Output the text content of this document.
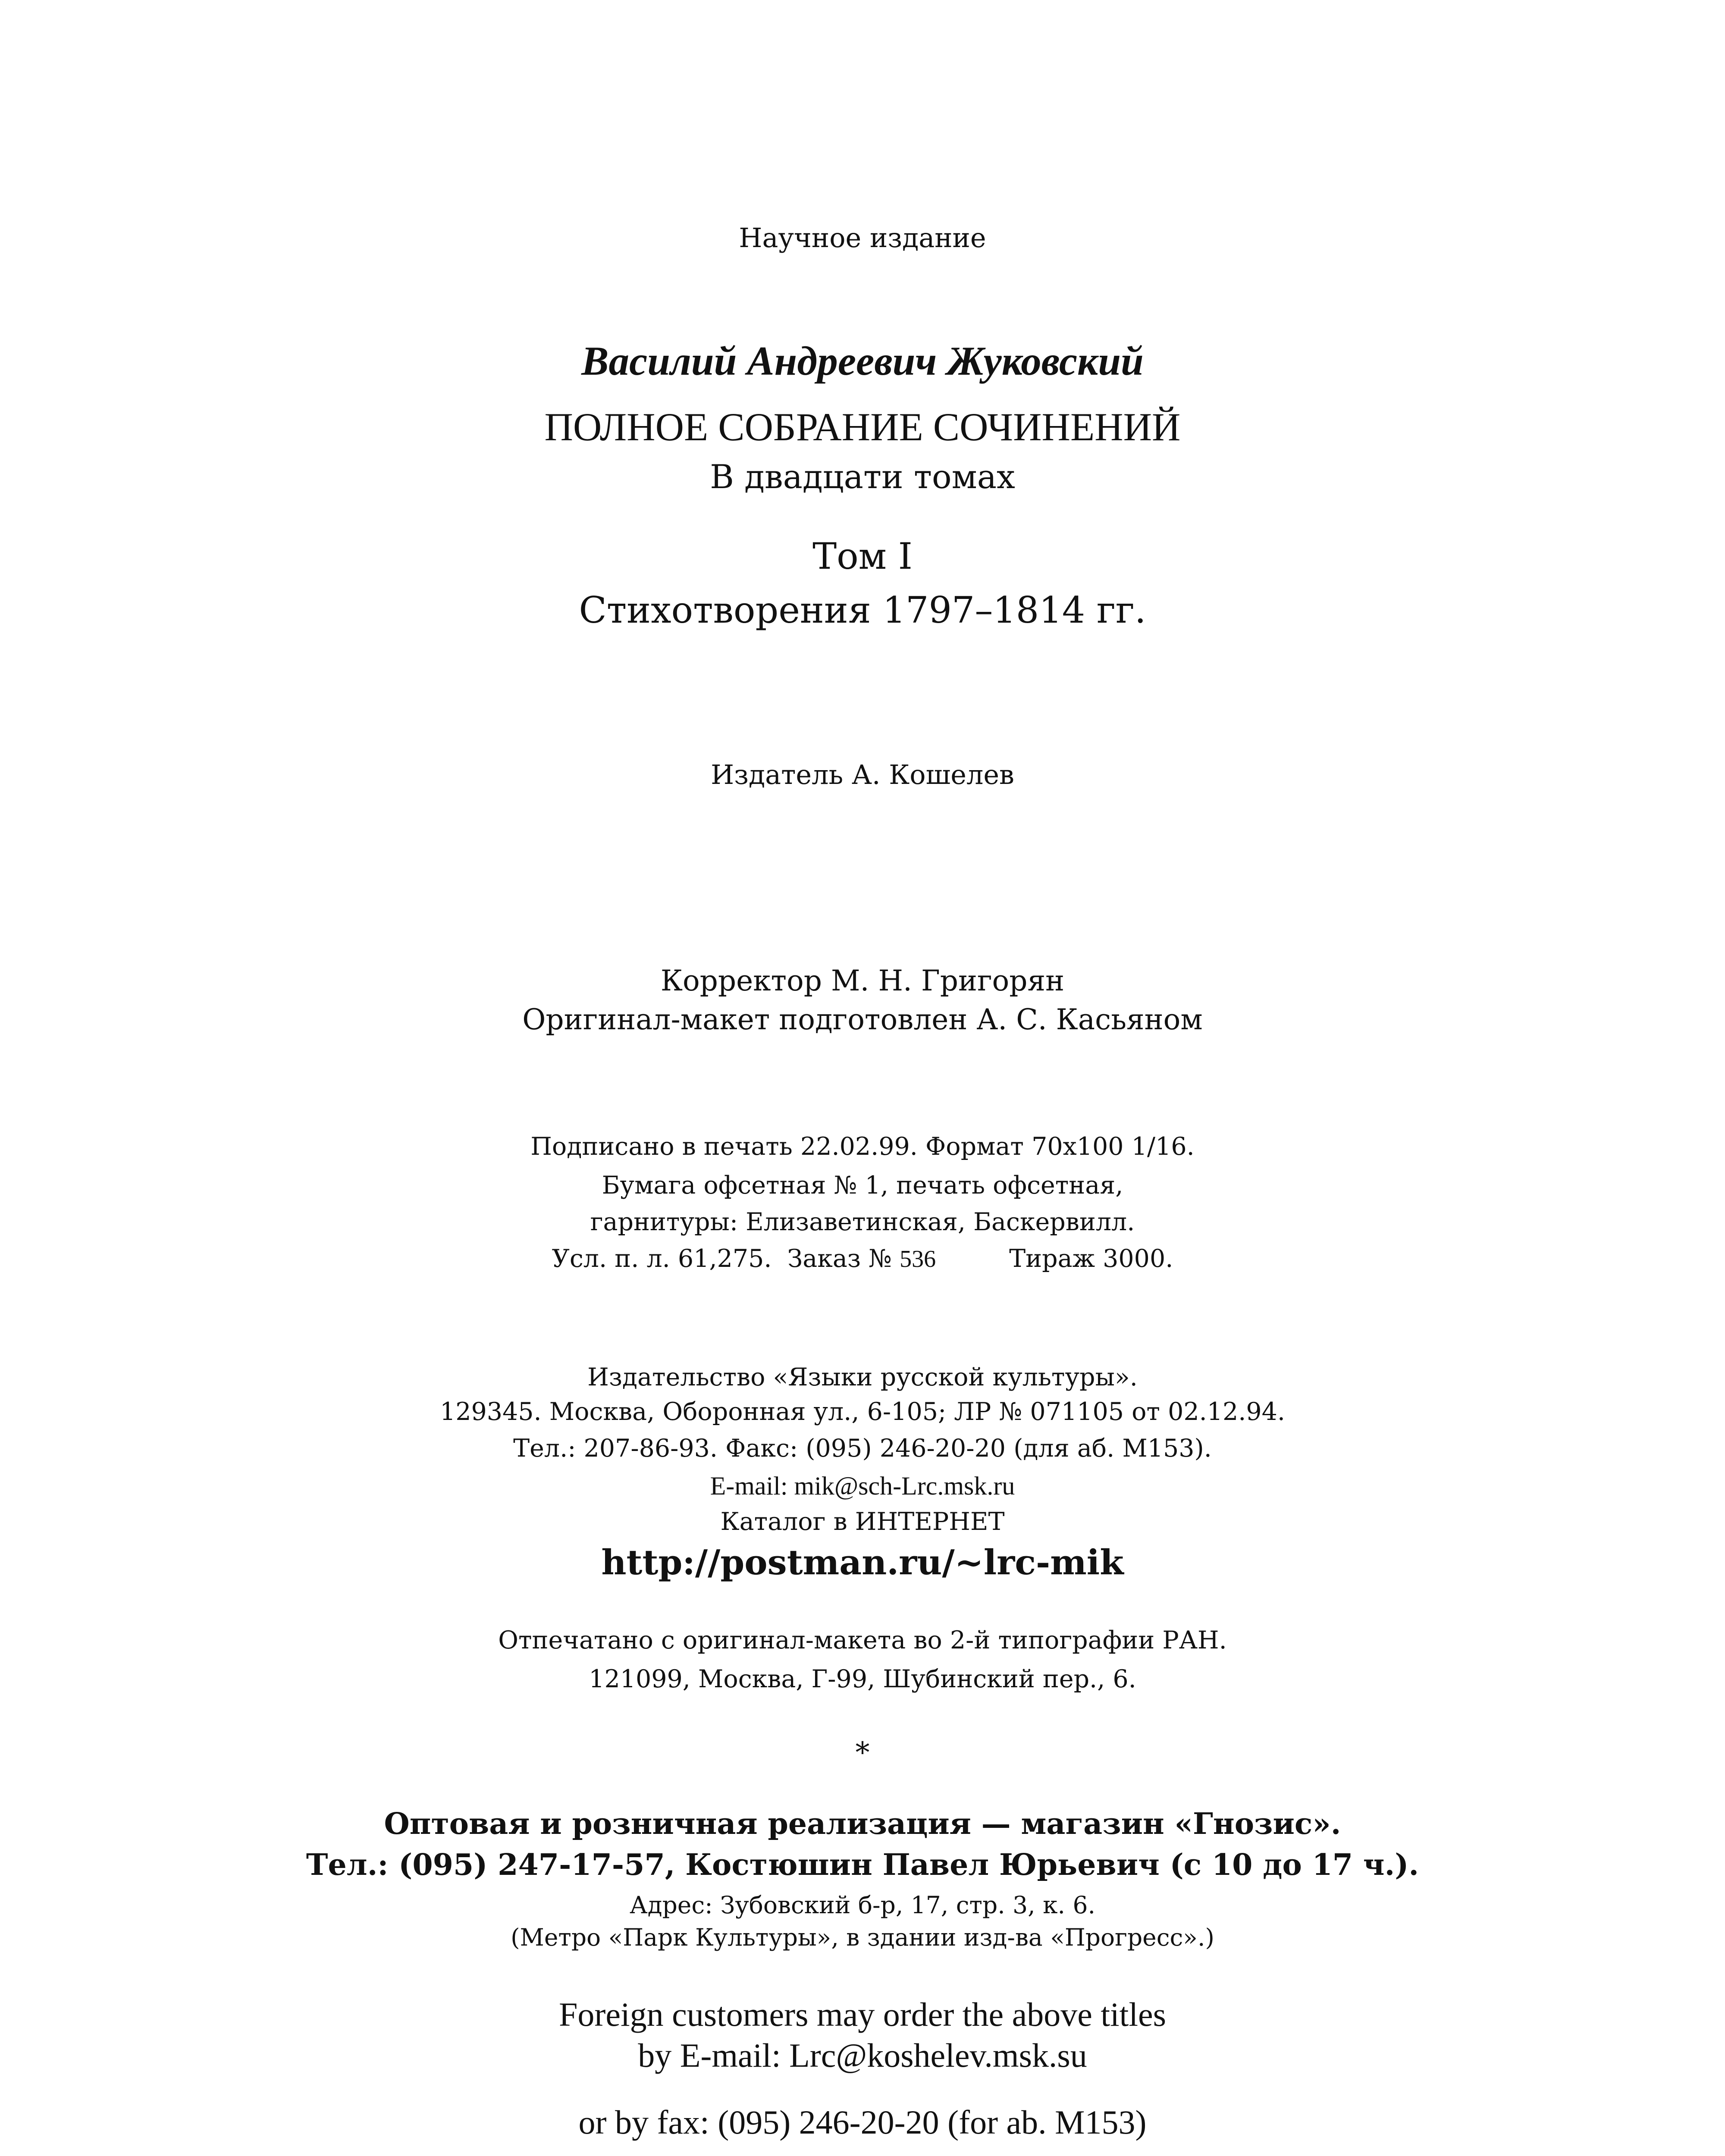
Научное издание
Василий Андреевич Жуковский
ПОЛНОЕ СОБРАНИЕ СОЧИНЕНИЙ
В двадцати томах
Том I
Стихотворения 1797–1814 гг.
Издатель А. Кошелев
Корректор М. Н. Григорян
Оригинал-макет подготовлен А. С. Касьяном
Подписано в печать 22.02.99. Формат 70x100 1/16.
Бумага офсетная № 1, печать офсетная,
гарнитуры: Елизаветинская, Баскервилл.
Усл. п. л. 61,275. Заказ № 536	Тираж 3000.
Издательство «Языки русской культуры».
129345. Москва, Оборонная ул., 6-105; ЛР № 071105 от 02.12.94.
Тел.: 207-86-93. Факс: (095) 246-20-20 (для аб. М153).
E-mail: mik@sch-Lrc.msk.ru
Каталог в ИНТЕРНЕТ
http://postman.ru/~lrc-mik
Отпечатано с оригинал-макета во 2-й типографии РАН.
121099, Москва, Г-99, Шубинский пер., 6.
*
Оптовая и розничная реализация — магазин «Гнозис».
Тел.: (095) 247-17-57, Костюшин Павел Юрьевич (с 10 до 17 ч.).
Адрес: Зубовский б-р, 17, стр. 3, к. 6.
(Метро «Парк Культуры», в здании изд-ва «Прогресс».)
Foreign customers may order the above titles
by E-mail: Lrc@koshelev.msk.su
or by fax: (095) 246-20-20 (for ab. M153)
